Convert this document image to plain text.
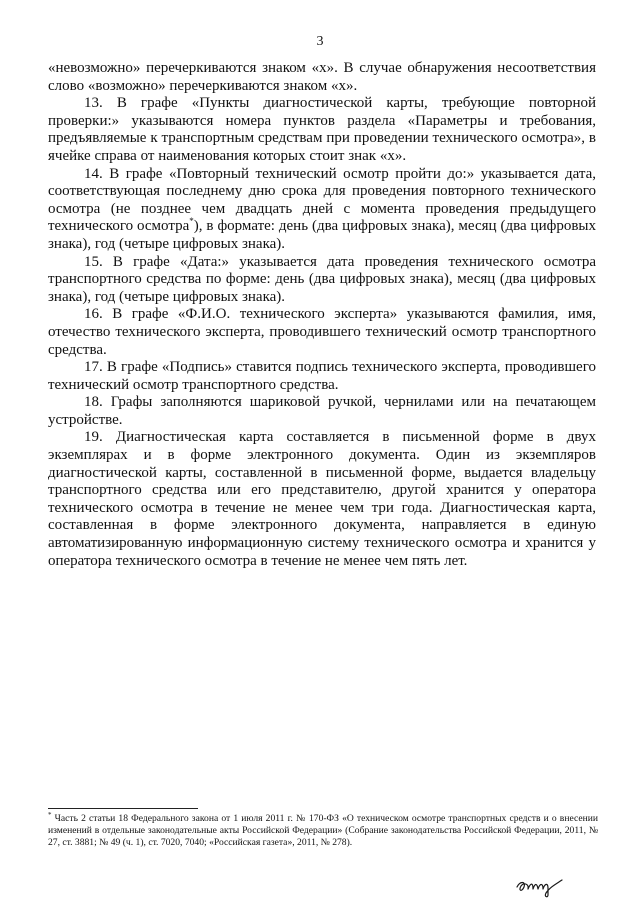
3

«невозможно» перечеркиваются знаком «х». В случае обнаружения несоответствия слово «возможно» перечеркиваются знаком «х».

13. В графе «Пункты диагностической карты, требующие повторной проверки:» указываются номера пунктов раздела «Параметры и требования, предъявляемые к транспортным средствам при проведении технического осмотра», в ячейке справа от наименования которых стоит знак «х».

14. В графе «Повторный технический осмотр пройти до:» указывается дата, соответствующая последнему дню срока для проведения повторного технического осмотра (не позднее чем двадцать дней с момента проведения предыдущего технического осмотра*), в формате: день (два цифровых знака), месяц (два цифровых знака), год (четыре цифровых знака).

15. В графе «Дата:» указывается дата проведения технического осмотра транспортного средства по форме: день (два цифровых знака), месяц (два цифровых знака), год (четыре цифровых знака).

16. В графе «Ф.И.О. технического эксперта» указываются фамилия, имя, отечество технического эксперта, проводившего технический осмотр транспортного средства.

17. В графе «Подпись» ставится подпись технического эксперта, проводившего технический осмотр транспортного средства.

18. Графы заполняются шариковой ручкой, чернилами или на печатающем устройстве.

19. Диагностическая карта составляется в письменной форме в двух экземплярах и в форме электронного документа. Один из экземпляров диагностической карты, составленной в письменной форме, выдается владельцу транспортного средства или его представителю, другой хранится у оператора технического осмотра в течение не менее чем три года. Диагностическая карта, составленная в форме электронного документа, направляется в единую автоматизированную информационную систему технического осмотра и хранится у оператора технического осмотра в течение не менее чем пять лет.

* Часть 2 статьи 18 Федерального закона от 1 июля 2011 г. № 170-ФЗ «О техническом осмотре транспортных средств и о внесении изменений в отдельные законодательные акты Российской Федерации» (Собрание законодательства Российской Федерации, 2011, № 27, ст. 3881; № 49 (ч. 1), ст. 7020, 7040; «Российская газета», 2011, № 278).
